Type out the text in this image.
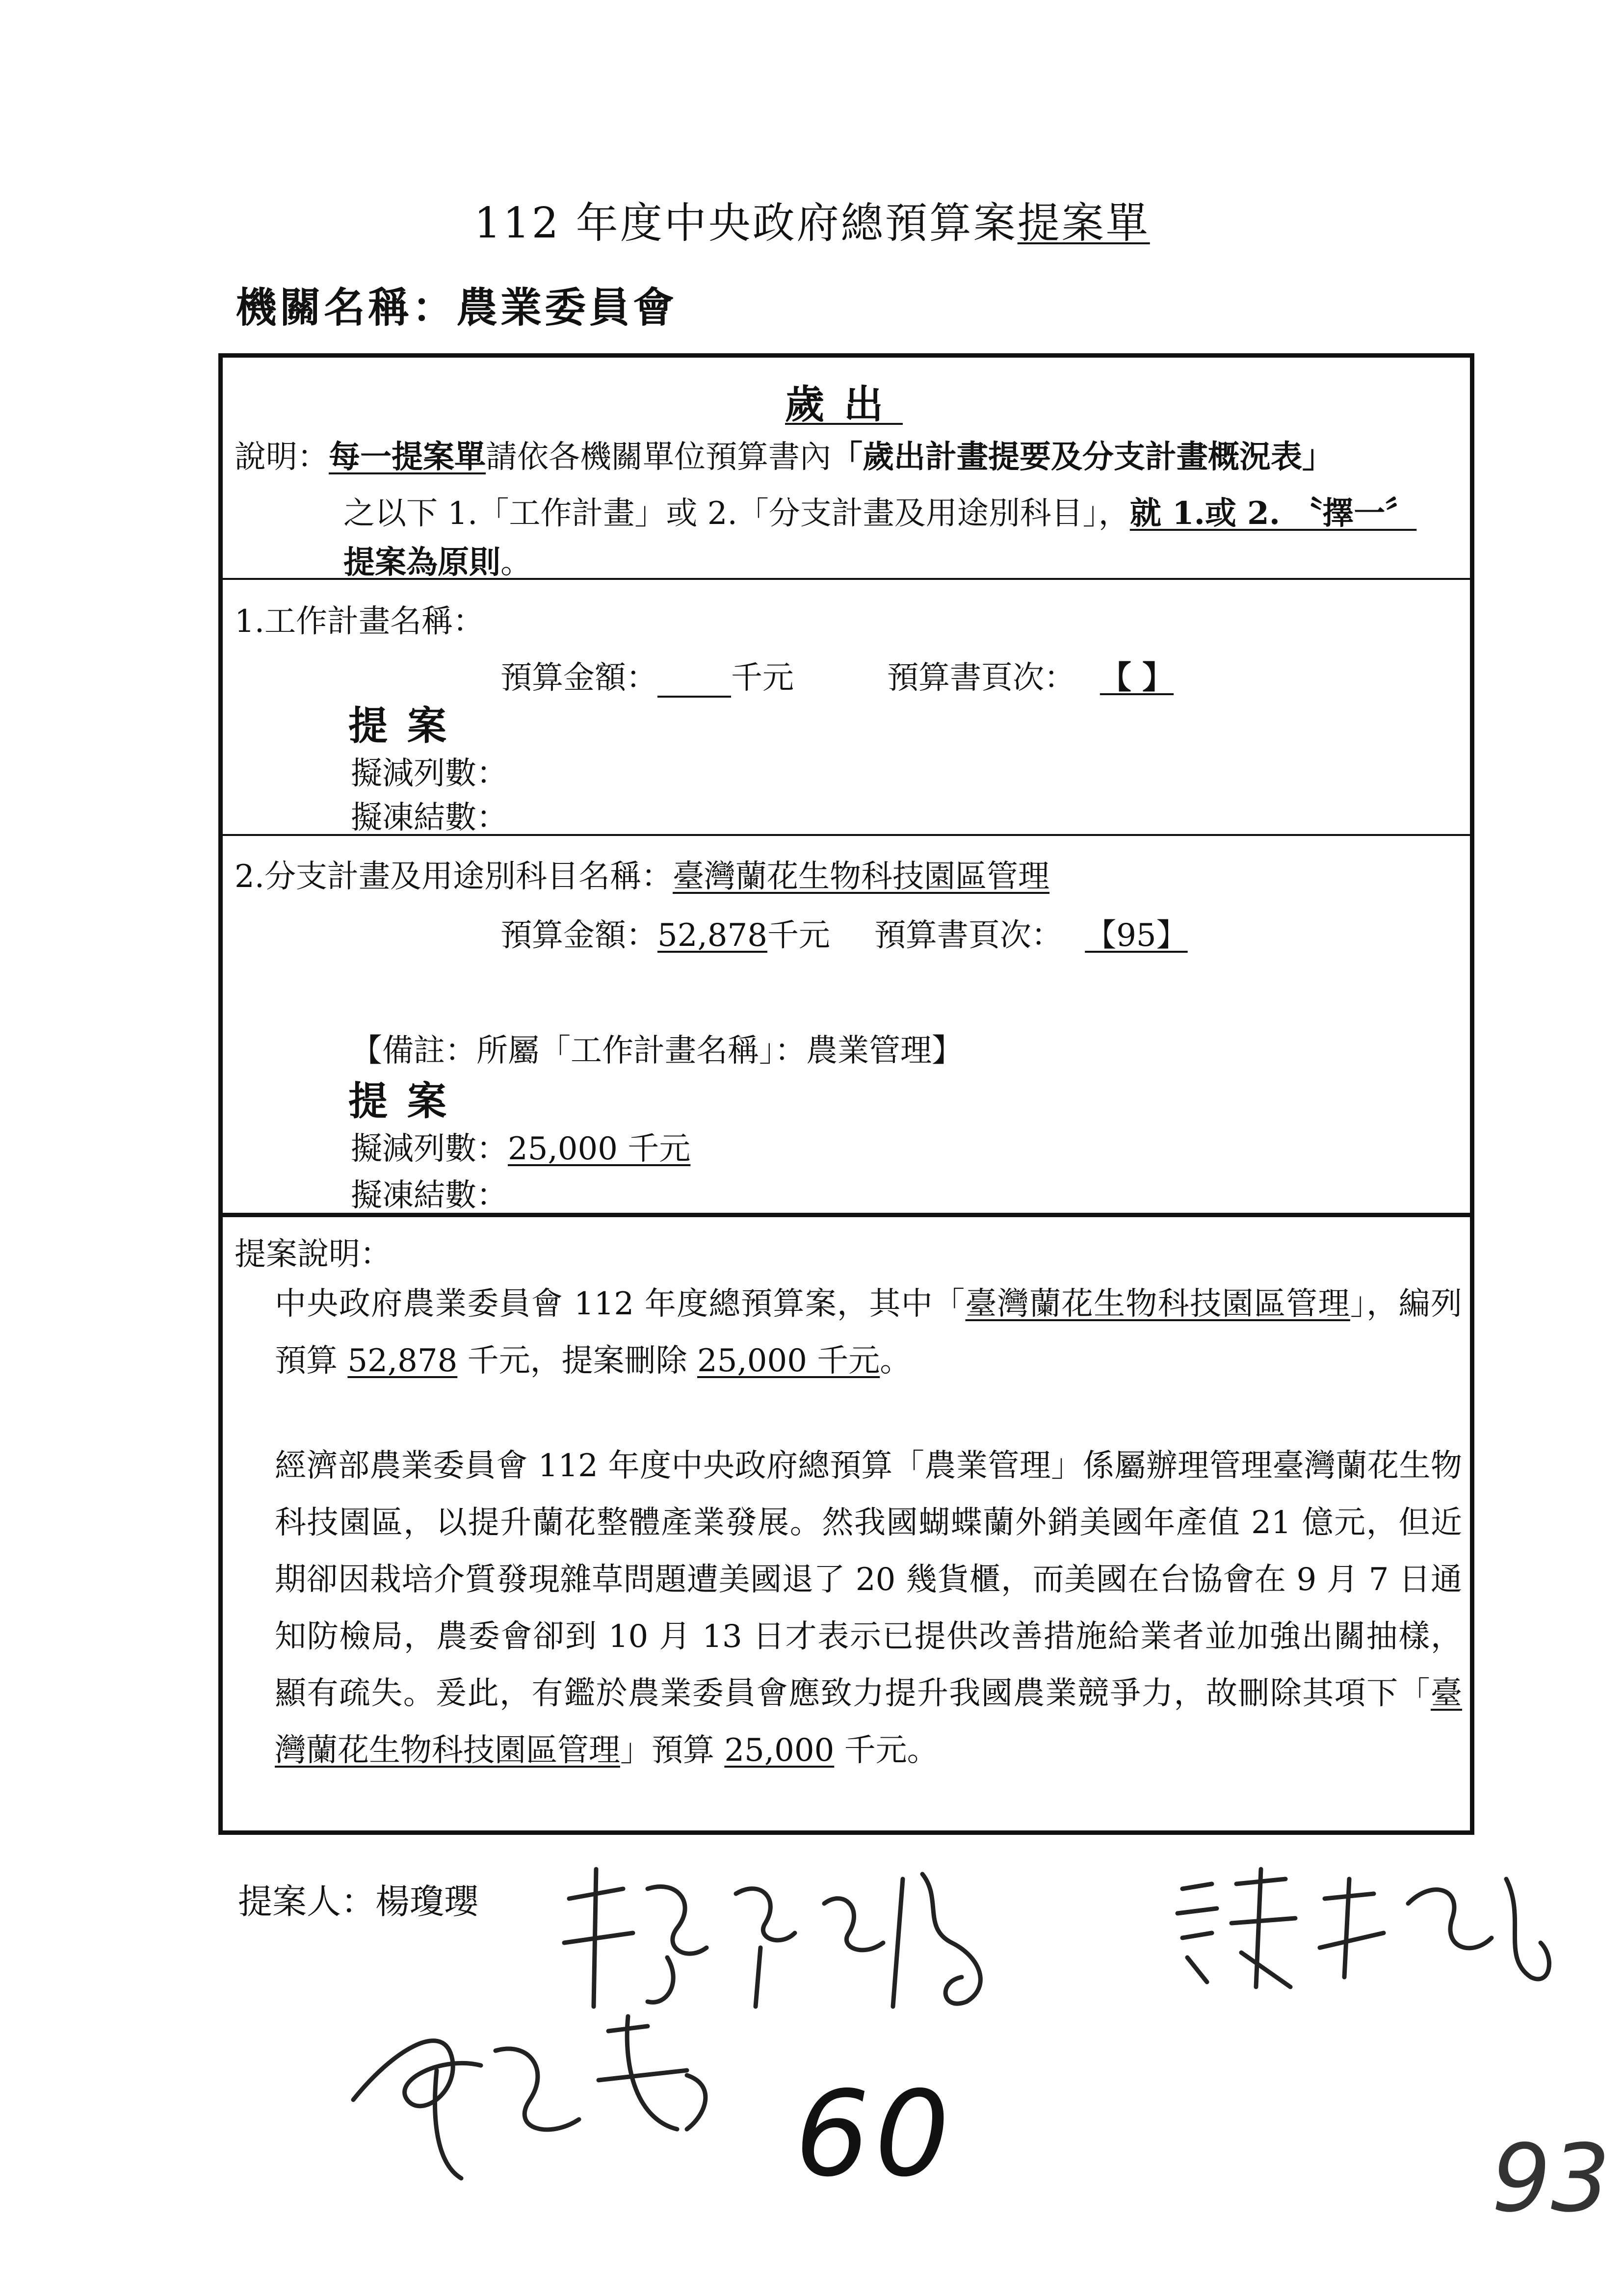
112 年度中央政府總預算案提案單
機關名稱：農業委員會
歲出
說明：每一提案單請依各機關單位預算書內「歲出計畫提要及分支計畫概況表」
之以下 1.「工作計畫」或 2.「分支計畫及用途別科目」，就 1.或 2. 〝擇一〞
提案為原則。
1.工作計畫名稱：
預算金額： 千元	預算書頁次： 【 】
提案
擬減列數：
擬凍結數：
2.分支計畫及用途別科目名稱：臺灣蘭花生物科技園區管理
預算金額：52,878千元 預算書頁次： 【95】
【備註：所屬「工作計畫名稱」：農業管理】
提案
擬減列數：25,000 千元
擬凍結數：
提案說明：

中央政府農業委員會 112 年度總預算案，其中「臺灣蘭花生物科技園區管理」，編列預算 52,878 千元，提案刪除 25,000 千元。

經濟部農業委員會 112 年度中央政府總預算「農業管理」係屬辦理管理臺灣蘭花生物科技園區，以提升蘭花整體產業發展。然我國蝴蝶蘭外銷美國年產值 21 億元，但近期卻因栽培介質發現雜草問題遭美國退了 20 幾貨櫃，而美國在台協會在 9 月 7 日通知防檢局，農委會卻到 10 月 13 日才表示已提供改善措施給業者並加強出關抽樣，顯有疏失。爰此，有鑑於農業委員會應致力提升我國農業競爭力，故刪除其項下「臺灣蘭花生物科技園區管理」預算 25,000 千元。

提案人：楊瓊瓔
60	93
